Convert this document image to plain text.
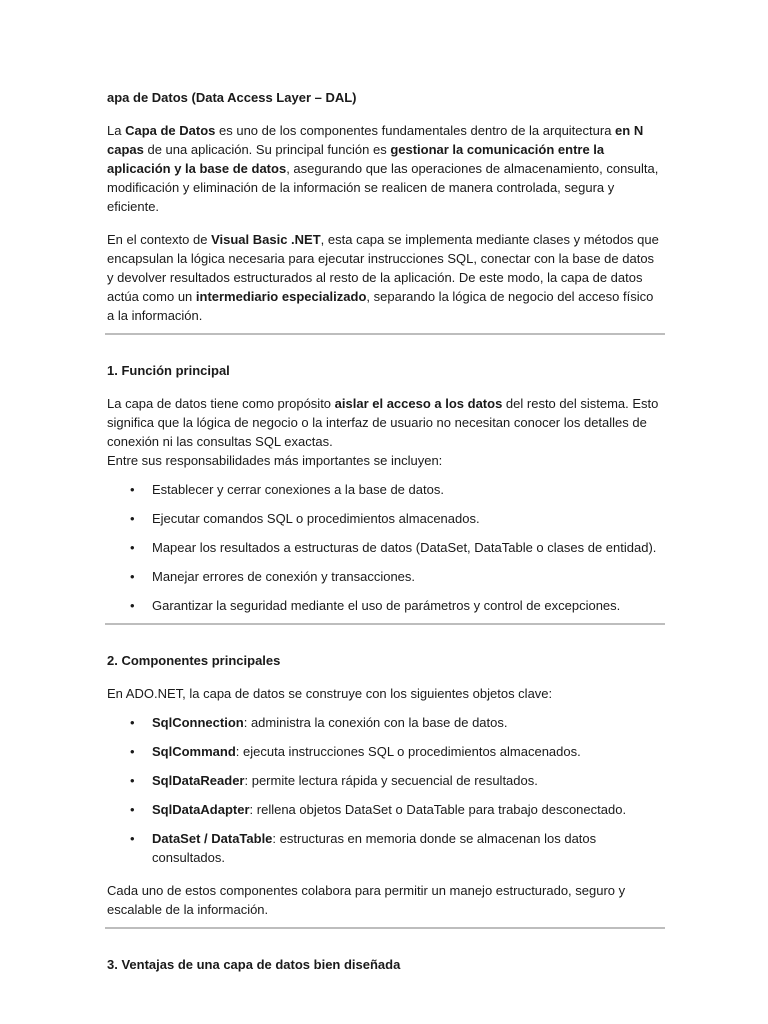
apa de Datos (Data Access Layer – DAL)

La Capa de Datos es uno de los componentes fundamentales dentro de la arquitectura en N capas de una aplicación. Su principal función es gestionar la comunicación entre la aplicación y la base de datos, asegurando que las operaciones de almacenamiento, consulta, modificación y eliminación de la información se realicen de manera controlada, segura y eficiente.

En el contexto de Visual Basic .NET, esta capa se implementa mediante clases y métodos que encapsulan la lógica necesaria para ejecutar instrucciones SQL, conectar con la base de datos y devolver resultados estructurados al resto de la aplicación. De este modo, la capa de datos actúa como un intermediario especializado, separando la lógica de negocio del acceso físico a la información.

1. Función principal

La capa de datos tiene como propósito aislar el acceso a los datos del resto del sistema. Esto significa que la lógica de negocio o la interfaz de usuario no necesitan conocer los detalles de conexión ni las consultas SQL exactas.
Entre sus responsabilidades más importantes se incluyen:

• Establecer y cerrar conexiones a la base de datos.
• Ejecutar comandos SQL o procedimientos almacenados.
• Mapear los resultados a estructuras de datos (DataSet, DataTable o clases de entidad).
• Manejar errores de conexión y transacciones.
• Garantizar la seguridad mediante el uso de parámetros y control de excepciones.

2. Componentes principales

En ADO.NET, la capa de datos se construye con los siguientes objetos clave:

• SqlConnection: administra la conexión con la base de datos.
• SqlCommand: ejecuta instrucciones SQL o procedimientos almacenados.
• SqlDataReader: permite lectura rápida y secuencial de resultados.
• SqlDataAdapter: rellena objetos DataSet o DataTable para trabajo desconectado.
• DataSet / DataTable: estructuras en memoria donde se almacenan los datos consultados.

Cada uno de estos componentes colabora para permitir un manejo estructurado, seguro y escalable de la información.

3. Ventajas de una capa de datos bien diseñada
